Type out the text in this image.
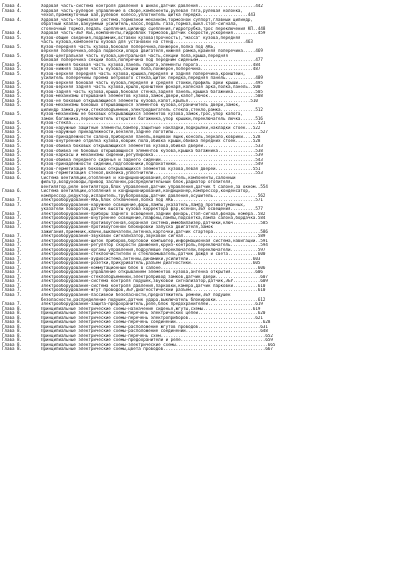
Глава 4.	Ходовая часть-система контроля давления в шинах,датчик давления.......................442
Глава 4.	Ходовая часть-рулевое управление в сборе,компоненты,рулевая тяга,рулевая колонка,
чехол,промежуточный вал,рулевое колесо,уплотнитель щитка передка...................443
Глава 4.	Ходовая часть-тормозная система,тормозной механизм,тормозной суппорт,главный цилиндр,
обратный клапан,вакуумный усилитель,насос,педаль газа,тормоз,выкл.стоп-сигнала,
стояночный тормоз,педаль сцепления,цилиндр сцепления,гидротрубка,трос переключения КП..448
Глава 4.	Ходовая часть-ЭБУ АБС,компоненты,гидроблок тормозов,датчик скорости,ускорения..........459
Глава 5.	Кузов-общие сведения,подрамник,вставки кузова(прочность),"масса" кузова,передняя
часть кузова,компоненты кузова для установки на стенд.............................463
Глава 5.	Кузов-передняя часть кузова,боковая поперечина,лонжерон,полка под АКБ,
верхняя поперечина,опора подвески,опора двигателя,нижняя рамка,крайняя поперечина.....469
Глава 5.	Кузов-центральная часть кузова,центральная часть,секции пола,крыша,передняя
боковая поперечина секции пола,поперечина под передним сиденьем.......................477
Глава 5.	Кузов-нижняя боковая часть кузова,панель порога,элементы порога......................484
Глава 5.	Кузов-нижняя задняя часть кузова,секции пола,лонжерон,поперечина.....................487
Глава 5.	Кузов-верхняя передняя часть кузова,крышка,передняя и задняя поперечина,кронштейн,
усилитель поперечины проема ветрового стекла,щиток передка,передняя панель............489
Глава 5.	Кузов-верхняя боковая часть кузова,передняя и средняя стойки,профиль арки крыши.......495
Глава 5.	Кузов-верхняя задняя часть кузова,крыло,кронштейн фонаря,колесная арка,полка,панель..500
Глава 5.	Кузов-задняя часть кузова,крыша,боковая стенка,задняя панель,крышка багажника.........505
Глава 5.	Кузов-механизмы открывания элементов кузова,замок,двери,капот,лючок...................508
Глава 5.	Кузов-не боковые открывающиеся элементы кузова,капот,крылья.........................510
Глава 5.	Кузов-механизмы боковых открывающихся элементов кузова,ограничитель двери,замок,
цилиндр замка,ручки,стеклоподъемник,электродвигатель стекла,стекло,рамка..............512
Глава 5.	Кузов-механизмы не боковых открывающихся элементов кузова,замок,трос,упор капота,
замок багажника,переключатель открытия багажника,упор крышки,переключатель лючка......516
Глава 5.	Кузов-стекла...........................................................................521
Глава 5.	Кузов-наружные защитные элементы,бампер,защитные накладки,подкрылки,накладки стоек...522
Глава 5.	Кузов-наружные принадлежности,вензеля,заднее логотипы...................................527
Глава 5.	Кузов-принадлежности салона,приборная панель,вещевой ящик,консоль,зеркало,коврики....528
Глава 5.	Кузов-внутренние отделка кузова,коврик пола,обивка крыши,обивка передних стоек.......528
Глава 5.	Кузов-обивка боковых открывающихся элементов кузова,обивка дверей.....................533
Глава 5.	Кузов-обивка не боковых открывающихся элементов кузова,крышка багажника...............538
Глава 5.	Кузов-каркасы и механизмы сидений,регулировка.........................................539
Глава 5.	Кузов-обивка переднего сиденья и заднего сидений......................................543
Глава 5.	Кузов-принадлежности сидений,подголовники,подлокотники................................549
Глава 5.	Кузов-герметизация боковых открывающихся элементов кузова,левая дверей...............551
Глава 5.	Кузов-герметизация стекол,вклейка,уплотнители.........................................553
Глава 6.	Система вентиляции,отопления и кондиционирования,отопитель,компоненты,салонный
фильтр,воздуховоды,привод заслонки,распределительный блок,радиатор отопителя,
вентилятор,реле вентилятора,блок управления,датчик управления,датчик t салоне,за окном..554
Глава 6.	Система вентиляции,отопления и кондиционирования,кондиционер,компрессор,конденсатор,
компрессор,редуктор,испаритель,трубопроводы,датчик давления,осушитель..................562
Глава 7.	Электрооборудование-АКБ,блок отключения,полка под АКБ.................................571
Глава 7.	Электрооборудование-наружное освещение,фары,лампы,указатель,лампа противотуманных,
указатели поворотов,датчик высоты кузова корректора фар,ксенон,ЭБУ освещения..........577
Глава 7.	Электрооборудование-приборы заднего освещения,задний фонарь,стоп-сигнал,фонарь номера..582
Глава 7.	Электрооборудование-внутреннее освещение,плафоны,лампы,подсветка,лампа салона,бордачка.584
Глава 7.	Электрооборудование-противоугонная,охранная система,иммобилайзер,датчики,ключ...........585
Глава 7.	Электрооборудование-противоугонной блокировки запуска двигателя,замок
зажигания,приемник,ключи,выключатели,антенна,карточки,датчик стартера...................586
Глава 7.	Электрооборудование-звуковой сигнализатор,звуковой сигнал..............................589
Глава 7.	Электрооборудование-щиток приборов,бортовой компьютер,информационная система,навигации..591
Глава 7.	Электрооборудование-регулятор скорости движения,круиз-контроль,переключатель............594
Глава 7.	Электрооборудование-органы управления,подрулевые переключатели,переключатели...........597
Глава 7.	Электрооборудование-стеклоочистители и стеклоомыватель,датчик дождя и света............600
Глава 7.	Электрооборудование-аудиосистема,антенны,динамики,усилители..........................603
Глава 7.	Электрооборудование-розетки,прикуриватель,разъем диагностики.........................605
Глава 7.	Электрооборудование-коммутационный блок в салоне.......................................606
Глава 7.	Электрооборудование-управление открыванием элементов кузова,антенна открытия..........606
Глава 7.	Электрооборудование-стеклоподъемники,электропривод замков,датчик двери..................607
Глава 7.	Электрооборудование-система контроля подушек,звуковой сигнализатор,датчик,ЭБУ...........609
Глава 7.	Электрооборудование-система контроля давления,парковки,камера,датчик парковки..........610
Глава 7.	Электрооборудование-жгут проводов,ЭБУ,диагностический разъем...........................610
Глава 7.	Электрооборудование-пассивной безопасности,преднатяжитель ремней,ЭБУ подушек
безопасности,распределение подушек,датчик удара,выключатель блокировки.................612
Глава 7.	Электрооборудование-защита-предохранитель,реле,блок предохранителей...................619
Глава 8.	Принципиальные электрические схемы-назначение сиденья,жгуты,схемы....................619
Глава 8.	Принципиальные электрические схемы-перечень электрических цепей........................620
Глава 8.	Принципиальные электрические схемы-перечень электроприборов...........................621
Глава 8.	Принципиальные электрические схемы-перечень соединений...................................628
Глава 8.	Принципиальные электрические схемы-расположение жгутов проводов.........................631
Глава 8.	Принципиальные электрические схемы-расположение соединений..............................648
Глава 8.	Принципиальные электрические схемы-перечень схем..........................................652
Глава 8.	Принципиальные электрические схемы-предохранители и реле..................................659
Глава 8.	Принципиальные электрические схемы-электрические схемы.....................................665
Глава 8.	Принципиальные электрические схемы,цвета проводов.........................................667
